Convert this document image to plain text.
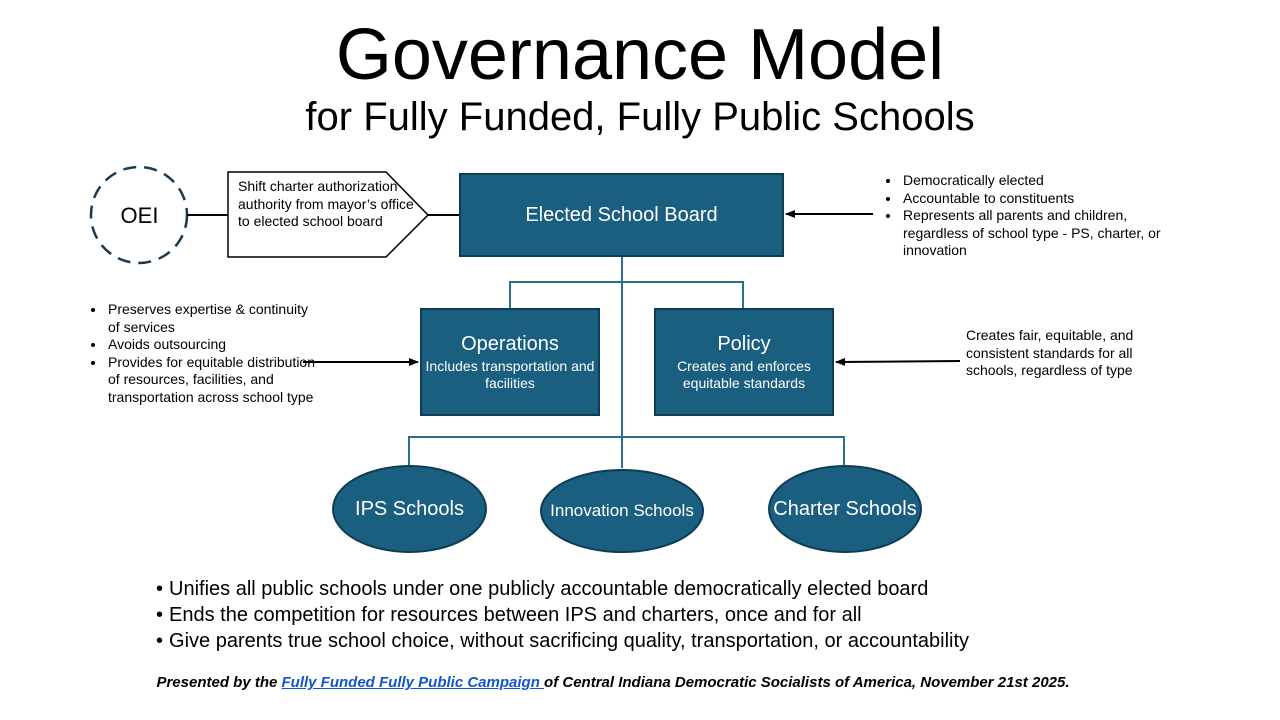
Governance Model
for Fully Funded, Fully Public Schools
OEI
Shift charter authorization authority from mayor’s office to elected school board	Elected School Board
• Democratically elected
• Accountable to constituents
• Represents all parents and children, regardless of school type - PS, charter, or innovation
Operations
Includes transportation and facilities
Policy
Creates and enforces equitable standards
• Preserves expertise & continuity of services
• Avoids outsourcing
• Provides for equitable distribution of resources, facilities, and transportation across school type
Creates fair, equitable, and consistent standards for all schools, regardless of type
IPS Schools	Innovation Schools	Charter Schools
• Unifies all public schools under one publicly accountable democratically elected board
• Ends the competition for resources between IPS and charters, once and for all
• Give parents true school choice, without sacrificing quality, transportation, or accountability
Presented by the Fully Funded Fully Public Campaign of Central Indiana Democratic Socialists of America, November 21st 2025.
